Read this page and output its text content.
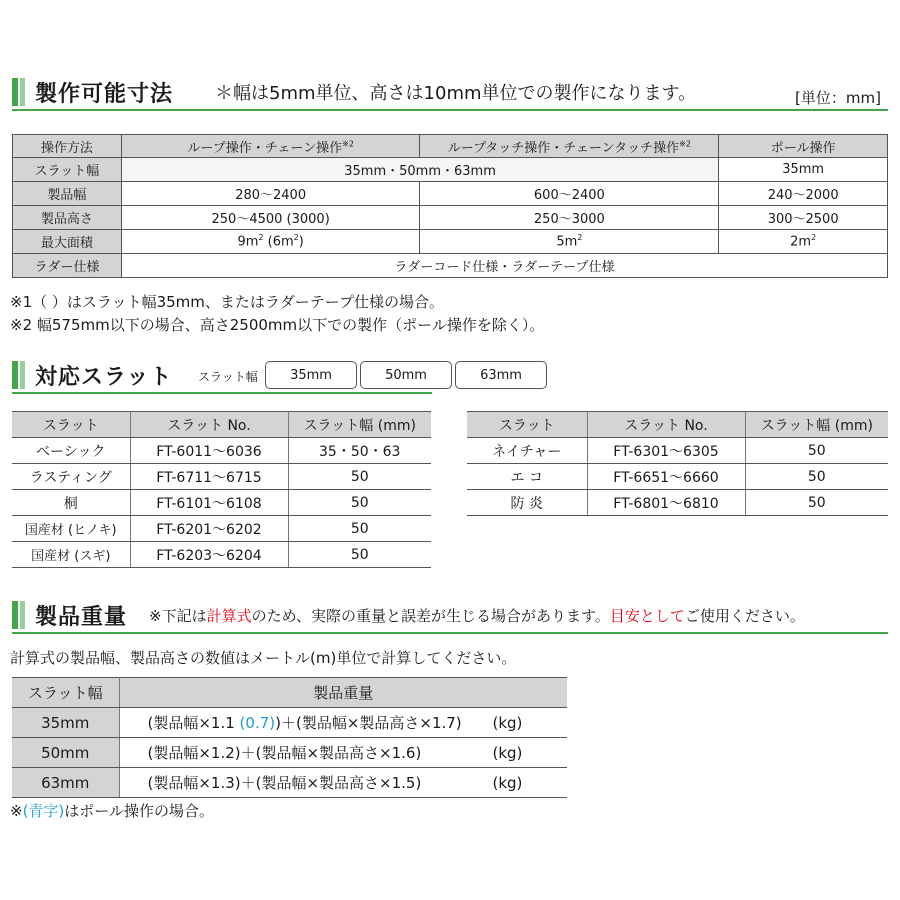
製作可能寸法 ＊幅は5mm単位、高さは10mm単位での製作になります。	[単位：mm]
操作方法	ループ操作・チェーン操作$^{※2}$	ループタッチ操作・チェーンタッチ操作$^{※2}$	ポール操作
スラット幅	35mm・50mm・63mm		35mm
製品幅	280～2400	600～2400	240～2000
製品高さ	250～4500 (3000)	250～3000	300～2500
最大面積	$9m^2$ $(6m^2)$	$5m^2$	$2m^2$
ラダー仕様	ラダーコード仕様・ラダーテープ仕様		
※1（ ）はスラット幅35mm、またはラダーテープ仕様の場合。
※2 幅575mm以下の場合、高さ2500mm以下での製作（ポール操作を除く）。
対応スラット スラット幅	35mm	50mm	63mm
スラット	スラット No.	スラット幅 (mm)
ベーシック	FT-6011～6036	35・50・63
ラスティング	FT-6711～6715	50
桐	FT-6101～6108	50
国産材 (ヒノキ)	FT-6201～6202	50
国産材 (スギ)	FT-6203～6204	50
スラット	スラット No.	スラット幅 (mm)
ネイチャー	FT-6301～6305	50
エ コ	FT-6651～6660	50
防 炎	FT-6801～6810	50
製品重量 ※下記は計算式のため、実際の重量と誤差が生じる場合があります。目安としてご使用ください。
計算式の製品幅、製品高さの数値はメートル(m)単位で計算してください。
スラット幅	製品重量
35mm	(製品幅×1.1 (0.7))＋(製品幅×製品高さ×1.7) (kg)
50mm	(製品幅×1.2)＋(製品幅×製品高さ×1.6) (kg)
63mm	(製品幅×1.3)＋(製品幅×製品高さ×1.5) (kg)
※(青字)はポール操作の場合。
